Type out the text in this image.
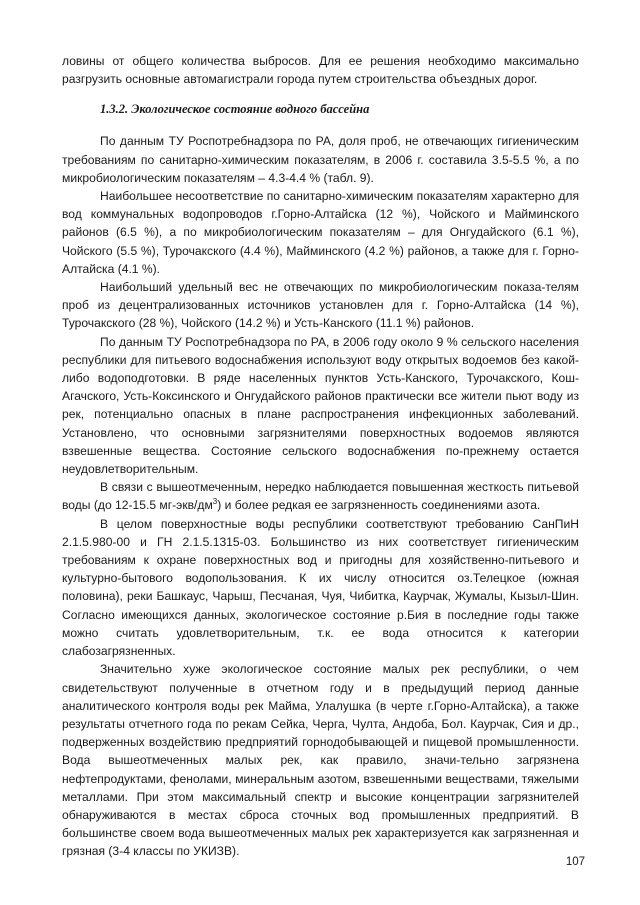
ловины от общего количества выбросов. Для ее решения необходимо максимально разгрузить основные автомагистрали города путем строительства объездных дорог.

1.3.2. Экологическое состояние водного бассейна

По данным ТУ Роспотребнадзора по РА, доля проб, не отвечающих гигиеническим требованиям по санитарно-химическим показателям, в 2006 г. составила 3.5-5.5 %, а по микробиологическим показателям – 4.3-4.4 % (табл. 9).

Наибольшее несоответствие по санитарно-химическим показателям характерно для вод коммунальных водопроводов г.Горно-Алтайска (12 %), Чойского и Майминского районов (6.5 %), а по микробиологическим показателям – для Онгудайского (6.1 %), Чойского (5.5 %), Турочакского (4.4 %), Майминского (4.2 %) районов, а также для г. Горно-Алтайска (4.1 %).

Наибольший удельный вес не отвечающих по микробиологическим показа-телям проб из децентрализованных источников установлен для г. Горно-Алтайска (14 %), Турочакского (28 %), Чойского (14.2 %) и Усть-Канского (11.1 %) районов.

По данным ТУ Роспотребнадзора по РА, в 2006 году около 9 % сельского населения республики для питьевого водоснабжения используют воду открытых водоемов без какой-либо водоподготовки. В ряде населенных пунктов Усть-Канского, Турочакского, Кош-Агачского, Усть-Коксинского и Онгудайского районов практически все жители пьют воду из рек, потенциально опасных в плане распространения инфекционных заболеваний. Установлено, что основными загрязнителями поверхностных водоемов являются взвешенные вещества. Состояние сельского водоснабжения по-прежнему остается неудовлетворительным.

В связи с вышеотмеченным, нередко наблюдается повышенная жесткость питьевой воды (до 12-15.5 $мг-экв/дм^3$) и более редкая ее загрязненность соединениями азота.

В целом поверхностные воды республики соответствуют требованию СанПиН 2.1.5.980-00 и ГН 2.1.5.1315-03. Большинство из них соответствует гигиеническим требованиям к охране поверхностных вод и пригодны для хозяйственно-питьевого и культурно-бытового водопользования. К их числу относится оз.Телецкое (южная половина), реки Башкаус, Чарыш, Песчаная, Чуя, Чибитка, Каурчак, Жумалы, Кызыл-Шин. Согласно имеющихся данных, экологическое состояние р.Бия в последние годы также можно считать удовлетворительным, т.к. ее вода относится к категории слабозагрязненных.

Значительно хуже экологическое состояние малых рек республики, о чем свидетельствуют полученные в отчетном году и в предыдущий период данные аналитического контроля воды рек Майма, Улалушка (в черте г.Горно-Алтайска), а также результаты отчетного года по рекам Сейка, Черга, Чулта, Андоба, Бол. Каурчак, Сия и др., подверженных воздействию предприятий горнодобывающей и пищевой промышленности. Вода вышеотмеченных малых рек, как правило, значи-тельно загрязнена нефтепродуктами, фенолами, минеральным азотом, взвешенными веществами, тяжелыми металлами. При этом максимальный спектр и высокие концентрации загрязнителей обнаруживаются в местах сброса сточных вод промышленных предприятий. В большинстве своем вода вышеотмеченных малых рек характеризуется как загрязненная и грязная (3-4 классы по УКИЗВ).

107
